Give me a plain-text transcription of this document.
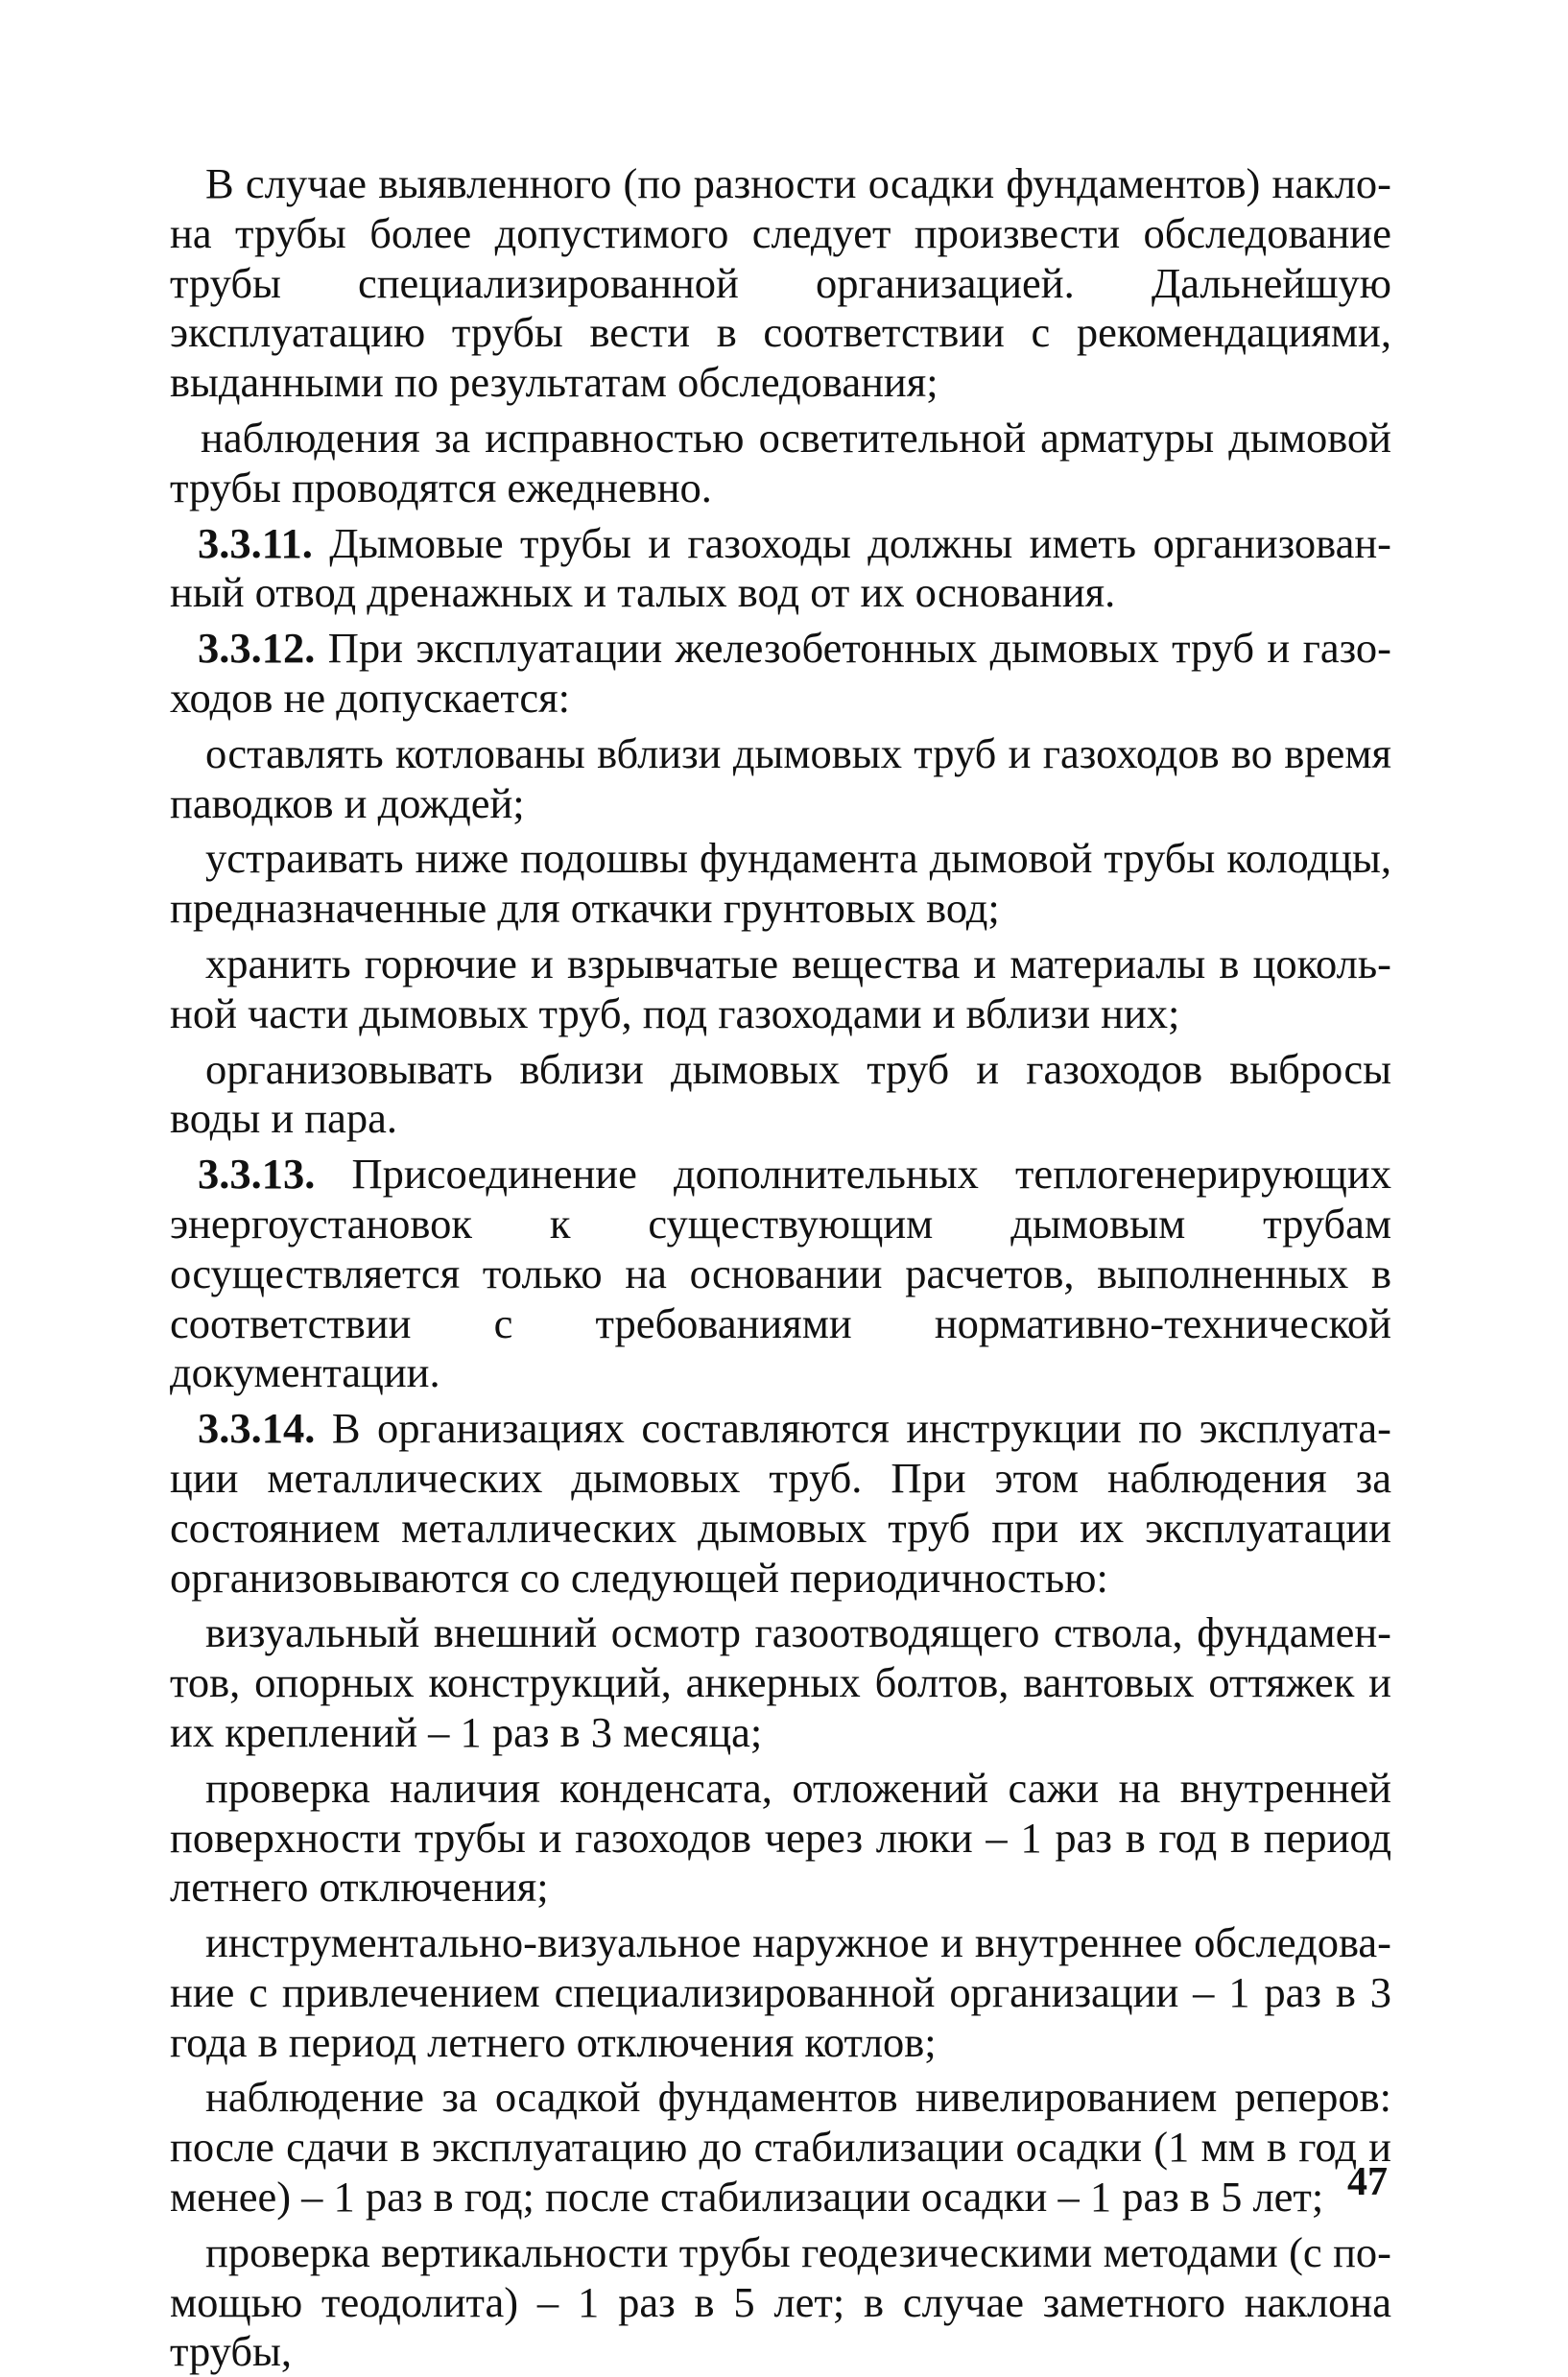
В случае выявленного (по разности осадки фундаментов) наклона трубы более допустимого следует произвести обследование трубы специализированной организацией. Дальнейшую эксплуатацию трубы вести в соответствии с рекомендациями, выданными по результатам обследования;

наблюдения за исправностью осветительной арматуры дымовой трубы проводятся ежедневно.

3.3.11. Дымовые трубы и газоходы должны иметь организованный отвод дренажных и талых вод от их основания.

3.3.12. При эксплуатации железобетонных дымовых труб и газоходов не допускается:

оставлять котлованы вблизи дымовых труб и газоходов во время паводков и дождей;

устраивать ниже подошвы фундамента дымовой трубы колодцы, предназначенные для откачки грунтовых вод;

хранить горючие и взрывчатые вещества и материалы в цокольной части дымовых труб, под газоходами и вблизи них;

организовывать вблизи дымовых труб и газоходов выбросы воды и пара.

3.3.13. Присоединение дополнительных теплогенерирующих энергоустановок к существующим дымовым трубам осуществляется только на основании расчетов, выполненных в соответствии с требованиями нормативно-технической документации.

3.3.14. В организациях составляются инструкции по эксплуатации металлических дымовых труб. При этом наблюдения за состоянием металлических дымовых труб при их эксплуатации организовываются со следующей периодичностью:

визуальный внешний осмотр газоотводящего ствола, фундаментов, опорных конструкций, анкерных болтов, вантовых оттяжек и их креплений – 1 раз в 3 месяца;

проверка наличия конденсата, отложений сажи на внутренней поверхности трубы и газоходов через люки – 1 раз в год в период летнего отключения;

инструментально-визуальное наружное и внутреннее обследование с привлечением специализированной организации – 1 раз в 3 года в период летнего отключения котлов;

наблюдение за осадкой фундаментов нивелированием реперов: после сдачи в эксплуатацию до стабилизации осадки (1 мм в год и менее) – 1 раз в год; после стабилизации осадки – 1 раз в 5 лет;

проверка вертикальности трубы геодезическими методами (с помощью теодолита) – 1 раз в 5 лет; в случае заметного наклона трубы,

47
